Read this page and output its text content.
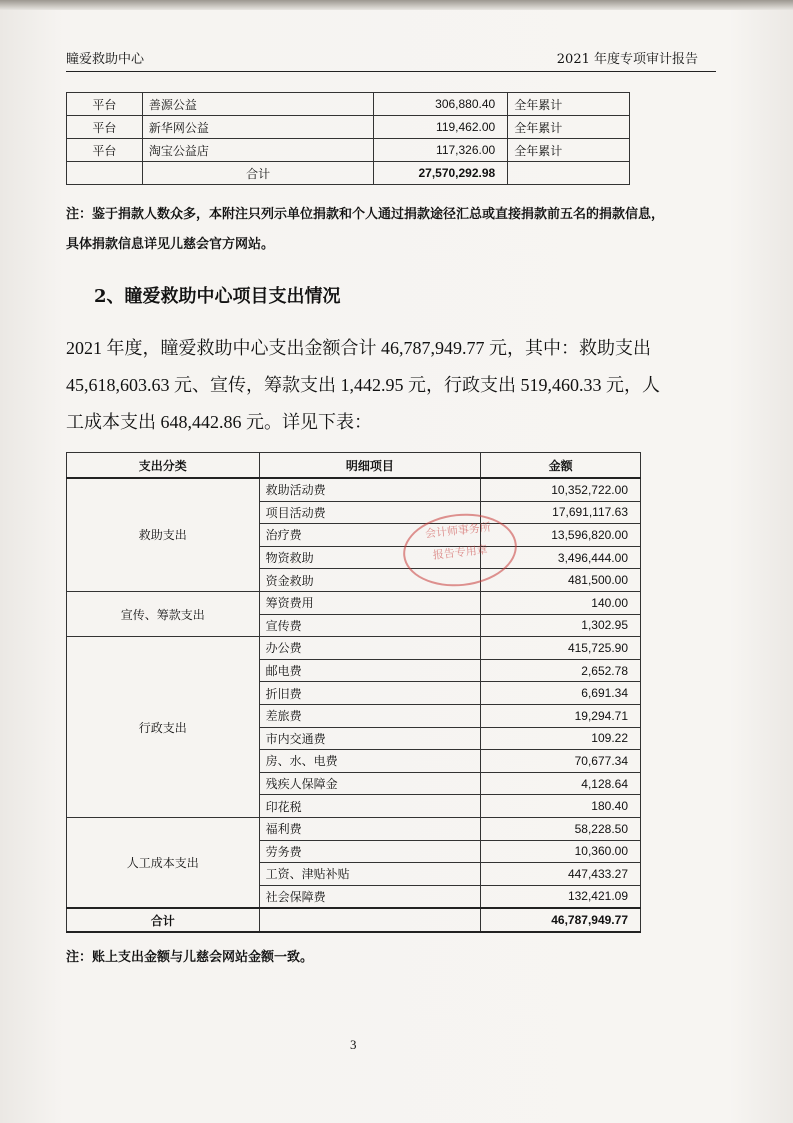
瞳爱救助中心	2021 年度专项审计报告
平台	善源公益	306,880.40	全年累计
平台	新华网公益	119,462.00	全年累计
平台	淘宝公益店	117,326.00	全年累计
	合计	27,570,292.98	
注：鉴于捐款人数众多，本附注只列示单位捐款和个人通过捐款途径汇总或直接捐款前五名的捐款信息，具体捐款信息详见儿慈会官方网站。
2、瞳爱救助中心项目支出情况
2021 年度，瞳爱救助中心支出金额合计 46,787,949.77 元，其中：救助支出 45,618,603.63 元、宣传，筹款支出 1,442.95 元，行政支出 519,460.33 元，人工成本支出 648,442.86 元。详见下表：
支出分类	明细项目	金额
救助支出	救助活动费	10,352,722.00
	项目活动费	17,691,117.63
	治疗费	13,596,820.00
	物资救助	3,496,444.00
	资金救助	481,500.00
宣传、筹款支出	筹资费用	140.00
	宣传费	1,302.95
行政支出	办公费	415,725.90
	邮电费	2,652.78
	折旧费	6,691.34
	差旅费	19,294.71
	市内交通费	109.22
	房、水、电费	70,677.34
	残疾人保障金	4,128.64
	印花税	180.40
人工成本支出	福利费	58,228.50
	劳务费	10,360.00
	工资、津贴补贴	447,433.27
	社会保障费	132,421.09
合计		46,787,949.77
会计师事务所
报告专用章
注：账上支出金额与儿慈会网站金额一致。
3
